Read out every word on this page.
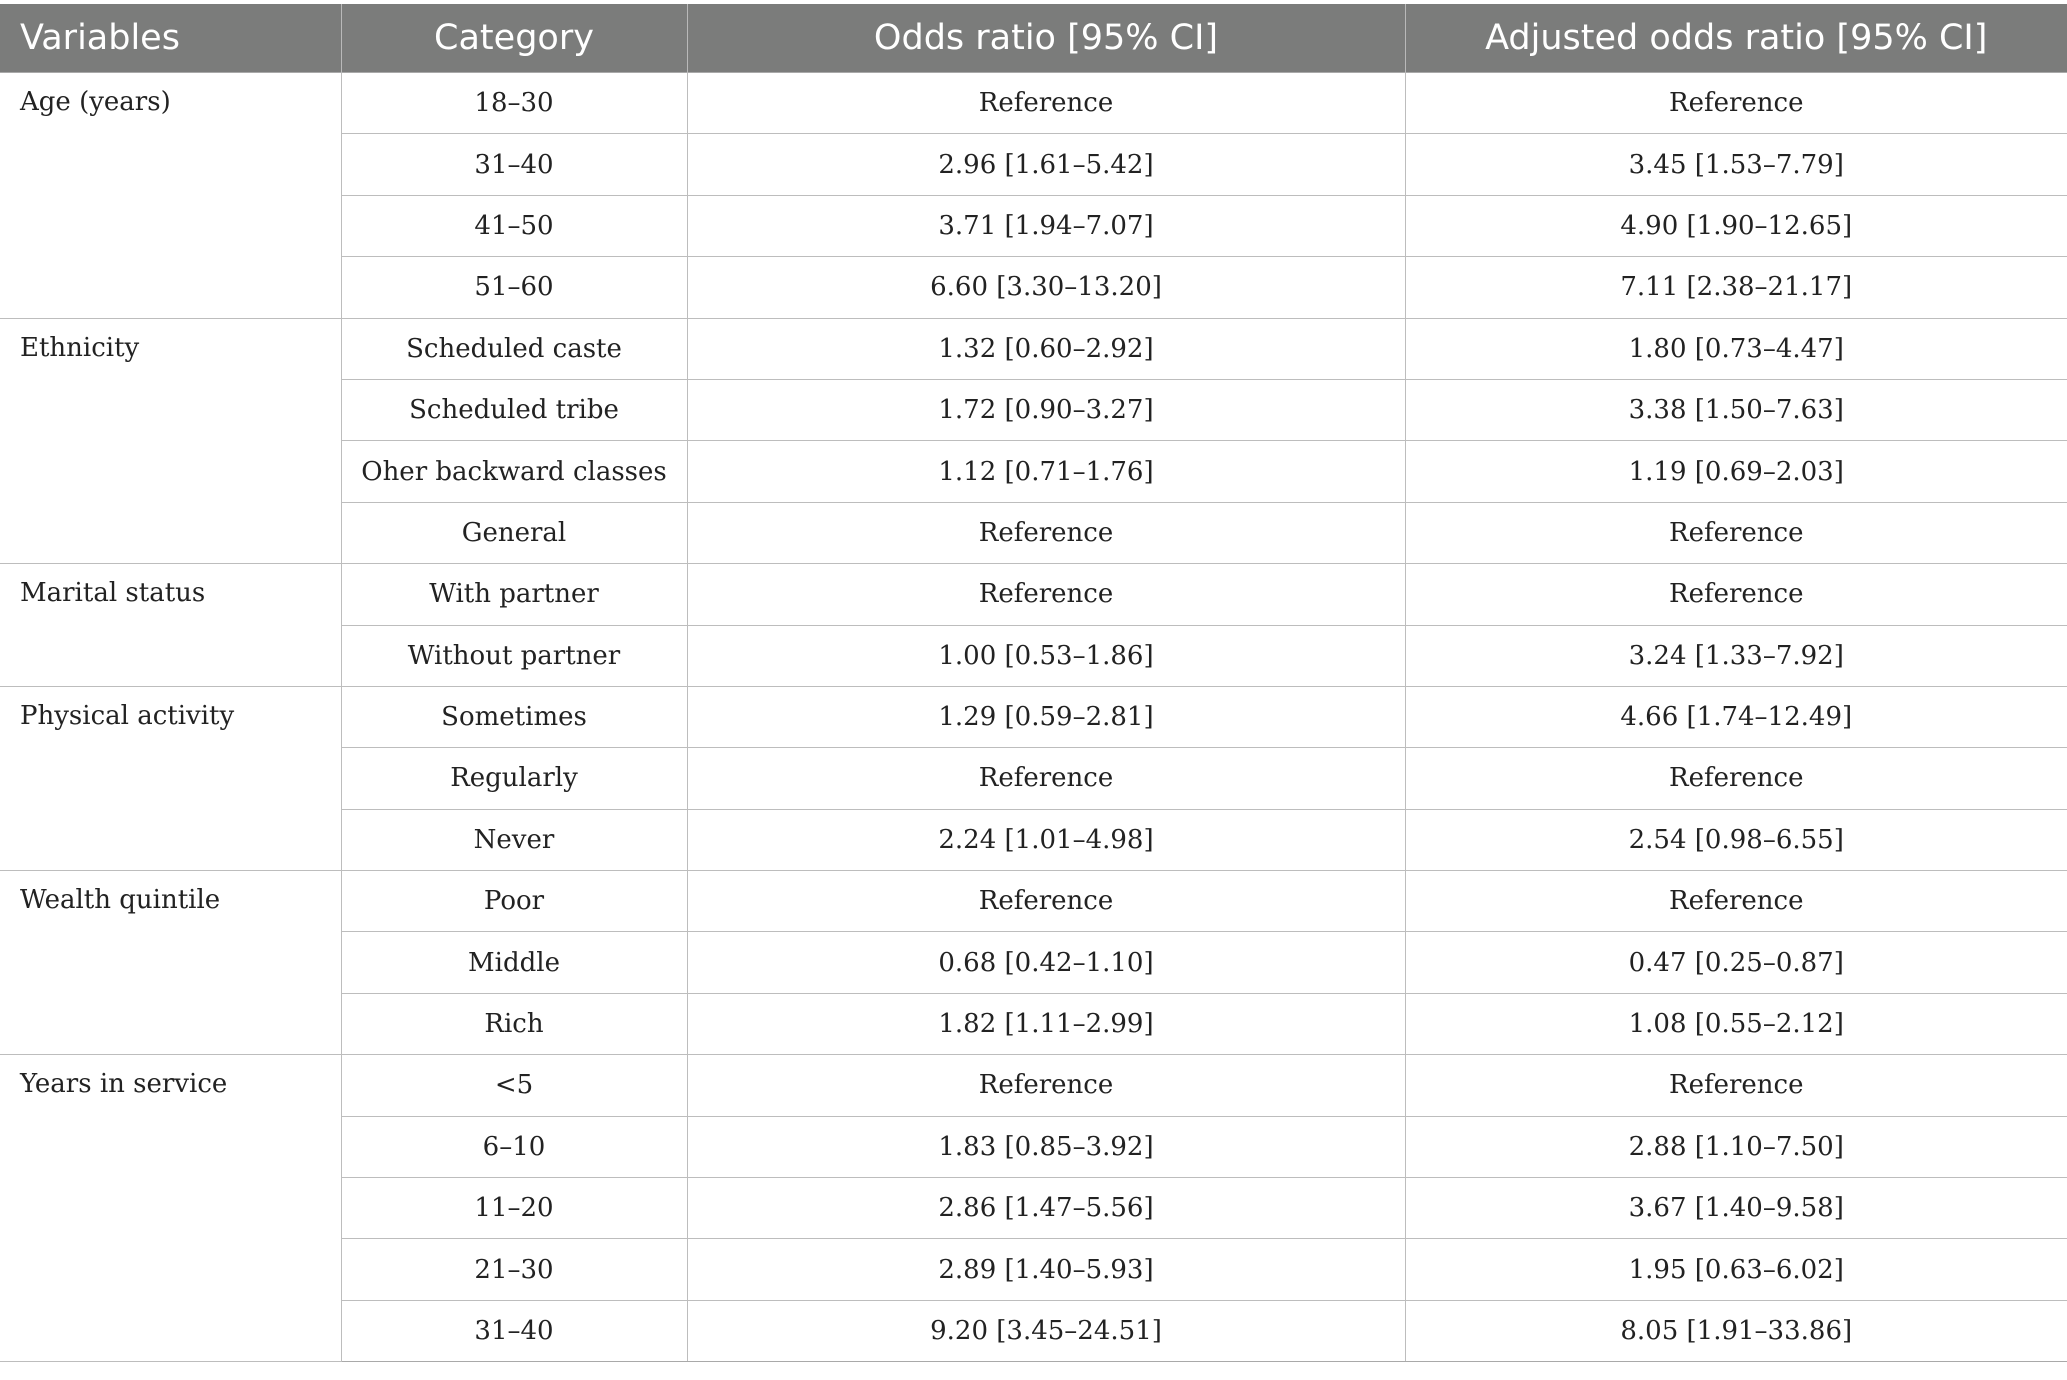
Variables	Category	Odds ratio [95% CI]	Adjusted odds ratio [95% CI]
Age (years)	18–30	Reference	Reference
	31–40	2.96 [1.61–5.42]	3.45 [1.53–7.79]
	41–50	3.71 [1.94–7.07]	4.90 [1.90–12.65]
	51–60	6.60 [3.30–13.20]	7.11 [2.38–21.17]
Ethnicity	Scheduled caste	1.32 [0.60–2.92]	1.80 [0.73–4.47]
	Scheduled tribe	1.72 [0.90–3.27]	3.38 [1.50–7.63]
	Oher backward classes	1.12 [0.71–1.76]	1.19 [0.69–2.03]
	General	Reference	Reference
Marital status	With partner	Reference	Reference
	Without partner	1.00 [0.53–1.86]	3.24 [1.33–7.92]
Physical activity	Sometimes	1.29 [0.59–2.81]	4.66 [1.74–12.49]
	Regularly	Reference	Reference
	Never	2.24 [1.01–4.98]	2.54 [0.98–6.55]
Wealth quintile	Poor	Reference	Reference
	Middle	0.68 [0.42–1.10]	0.47 [0.25–0.87]
	Rich	1.82 [1.11–2.99]	1.08 [0.55–2.12]
Years in service	<5	Reference	Reference
	6–10	1.83 [0.85–3.92]	2.88 [1.10–7.50]
	11–20	2.86 [1.47–5.56]	3.67 [1.40–9.58]
	21–30	2.89 [1.40–5.93]	1.95 [0.63–6.02]
	31–40	9.20 [3.45–24.51]	8.05 [1.91–33.86]
